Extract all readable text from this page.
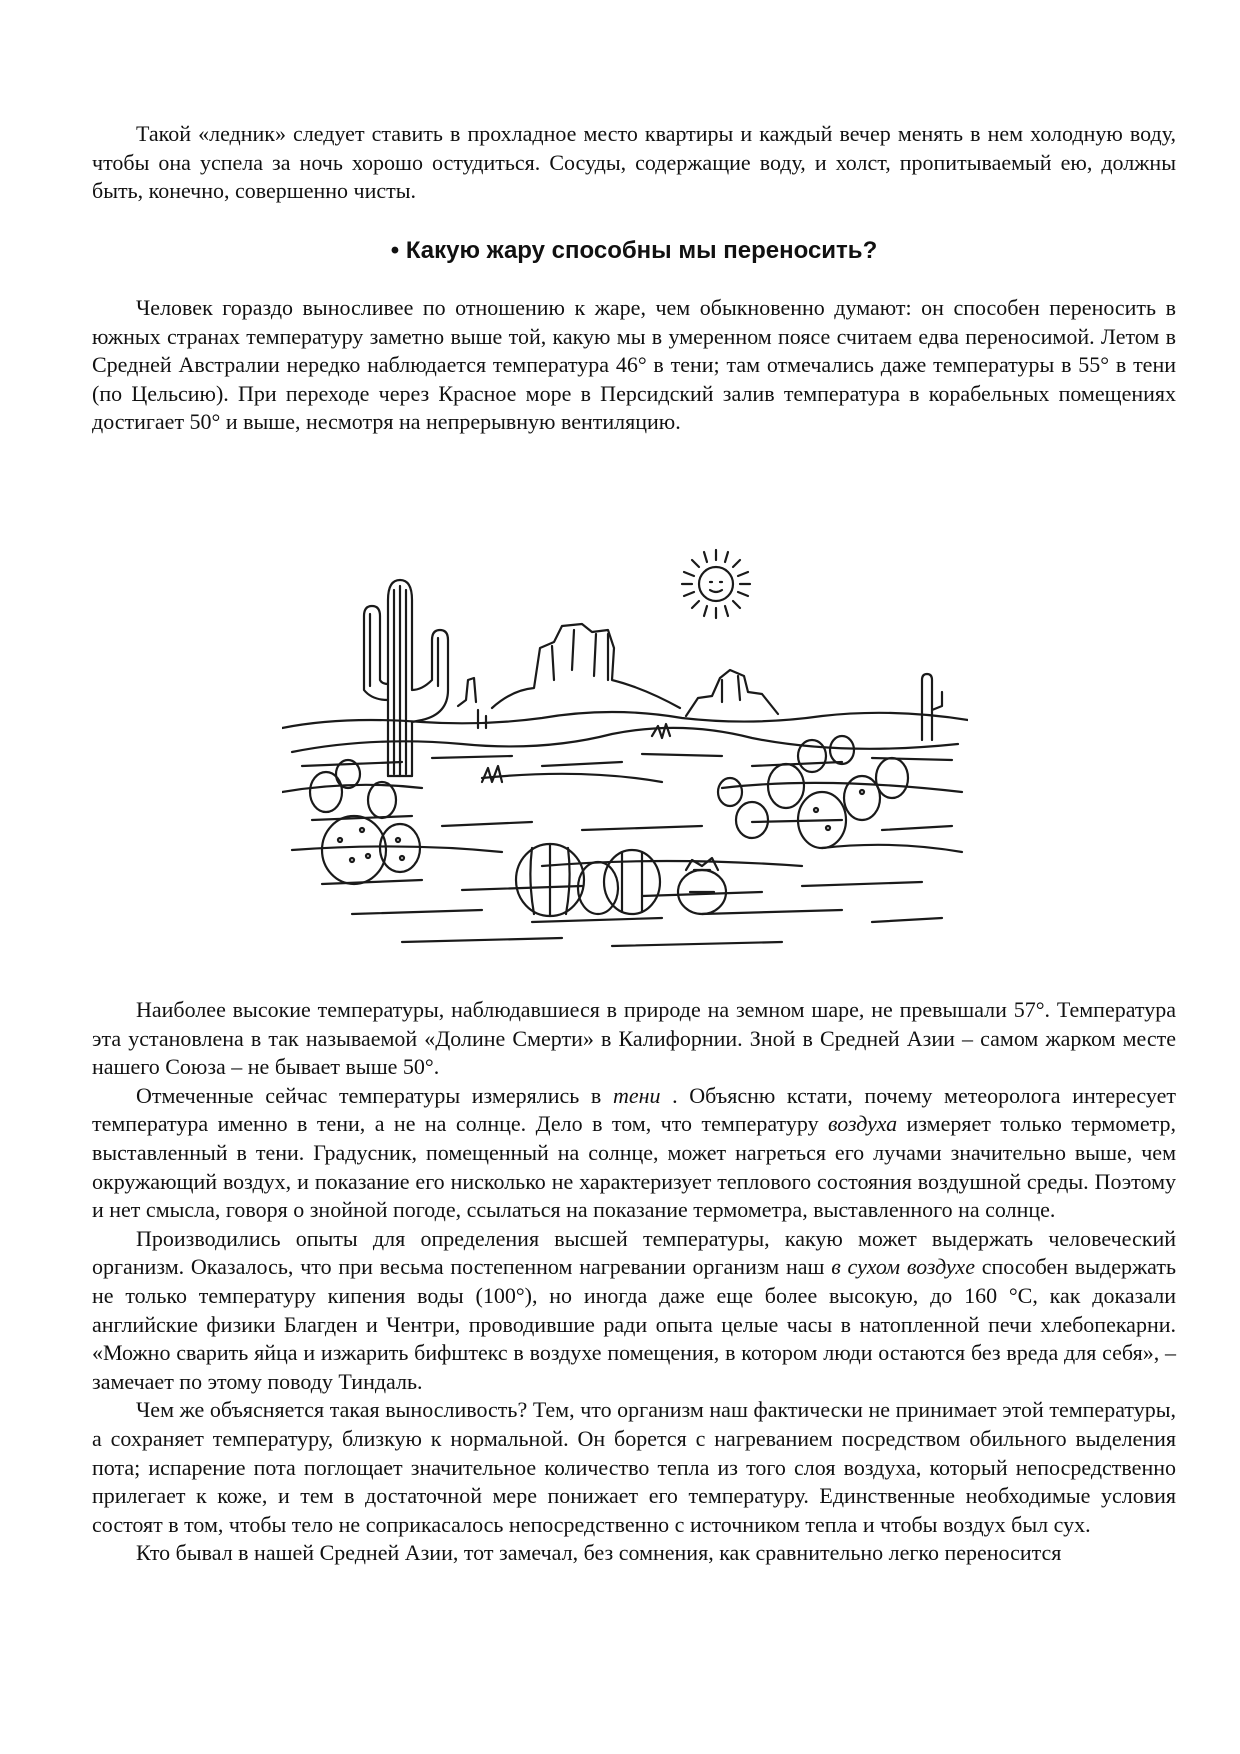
Такой «ледник» следует ставить в прохладное место квартиры и каждый вечер менять в нем холодную воду, чтобы она успела за ночь хорошо остудиться. Сосуды, содержащие воду, и холст, пропитываемый ею, должны быть, конечно, совершенно чисты.

• Какую жару способны мы переносить?

Человек гораздо выносливее по отношению к жаре, чем обыкновенно думают: он способен переносить в южных странах температуру заметно выше той, какую мы в умеренном поясе считаем едва переносимой. Летом в Средней Австралии нередко наблюдается температура 46° в тени; там отмечались даже температуры в 55° в тени (по Цельсию). При переходе через Красное море в Персидский залив температура в корабельных помещениях достигает 50° и выше, несмотря на непрерывную вентиляцию.

Наиболее высокие температуры, наблюдавшиеся в природе на земном шаре, не превышали 57°. Температура эта установлена в так называемой «Долине Смерти» в Калифорнии. Зной в Средней Азии – самом жарком месте нашего Союза – не бывает выше 50°.

Отмеченные сейчас температуры измерялись в тени . Объясню кстати, почему метеоролога интересует температура именно в тени, а не на солнце. Дело в том, что температуру воздуха измеряет только термометр, выставленный в тени. Градусник, помещенный на солнце, может нагреться его лучами значительно выше, чем окружающий воздух, и показание его нисколько не характеризует теплового состояния воздушной среды. Поэтому и нет смысла, говоря о знойной погоде, ссылаться на показание термометра, выставленного на солнце.

Производились опыты для определения высшей температуры, какую может выдержать человеческий организм. Оказалось, что при весьма постепенном нагревании организм наш в сухом воздухе способен выдержать не только температуру кипения воды (100°), но иногда даже еще более высокую, до 160 °C, как доказали английские физики Благден и Чентри, проводившие ради опыта целые часы в натопленной печи хлебопекарни. «Можно сварить яйца и изжарить бифштекс в воздухе помещения, в котором люди остаются без вреда для себя», – замечает по этому поводу Тиндаль.

Чем же объясняется такая выносливость? Тем, что организм наш фактически не принимает этой температуры, а сохраняет температуру, близкую к нормальной. Он борется с нагреванием посредством обильного выделения пота; испарение пота поглощает значительное количество тепла из того слоя воздуха, который непосредственно прилегает к коже, и тем в достаточной мере понижает его температуру. Единственные необходимые условия состоят в том, чтобы тело не соприкасалось непосредственно с источником тепла и чтобы воздух был сух.

Кто бывал в нашей Средней Азии, тот замечал, без сомнения, как сравнительно легко переносится
